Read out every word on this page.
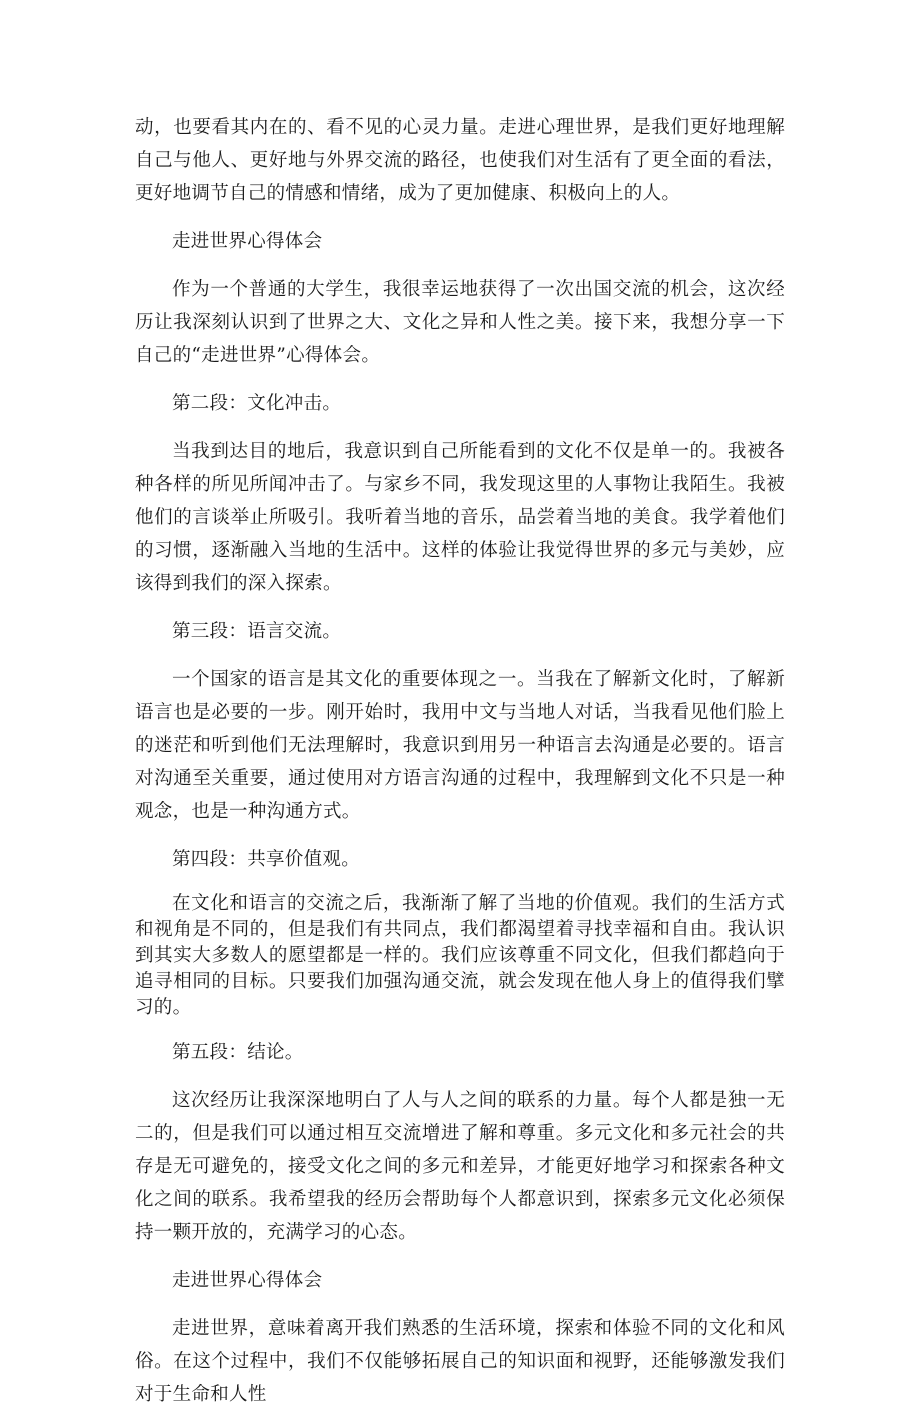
动，也要看其内在的、看不见的心灵力量。走进心理世界，是我们更好地理解自己与他人、更好地与外界交流的路径，也使我们对生活有了更全面的看法，更好地调节自己的情感和情绪，成为了更加健康、积极向上的人。

走进世界心得体会

作为一个普通的大学生，我很幸运地获得了一次出国交流的机会，这次经历让我深刻认识到了世界之大、文化之异和人性之美。接下来，我想分享一下自己的“走进世界”心得体会。

第二段：文化冲击。

当我到达目的地后，我意识到自己所能看到的文化不仅是单一的。我被各种各样的所见所闻冲击了。与家乡不同，我发现这里的人事物让我陌生。我被他们的言谈举止所吸引。我听着当地的音乐，品尝着当地的美食。我学着他们的习惯，逐渐融入当地的生活中。这样的体验让我觉得世界的多元与美妙，应该得到我们的深入探索。

第三段：语言交流。

一个国家的语言是其文化的重要体现之一。当我在了解新文化时，了解新语言也是必要的一步。刚开始时，我用中文与当地人对话，当我看见他们脸上的迷茫和听到他们无法理解时，我意识到用另一种语言去沟通是必要的。语言对沟通至关重要，通过使用对方语言沟通的过程中，我理解到文化不只是一种观念，也是一种沟通方式。

第四段：共享价值观。

在文化和语言的交流之后，我渐渐了解了当地的价值观。我们的生活方式和视角是不同的，但是我们有共同点，我们都渴望着寻找幸福和自由。我认识到其实大多数人的愿望都是一样的。我们应该尊重不同文化，但我们都趋向于追寻相同的目标。只要我们加强沟通交流，就会发现在他人身上的值得我们擘习的。

第五段：结论。

这次经历让我深深地明白了人与人之间的联系的力量。每个人都是独一无二的，但是我们可以通过相互交流增进了解和尊重。多元文化和多元社会的共存是无可避免的，接受文化之间的多元和差异，才能更好地学习和探索各种文化之间的联系。我希望我的经历会帮助每个人都意识到，探索多元文化必须保持一颗开放的，充满学习的心态。

走进世界心得体会

走进世界，意味着离开我们熟悉的生活环境，探索和体验不同的文化和风俗。在这个过程中，我们不仅能够拓展自己的知识面和视野，还能够激发我们对于生命和人性
